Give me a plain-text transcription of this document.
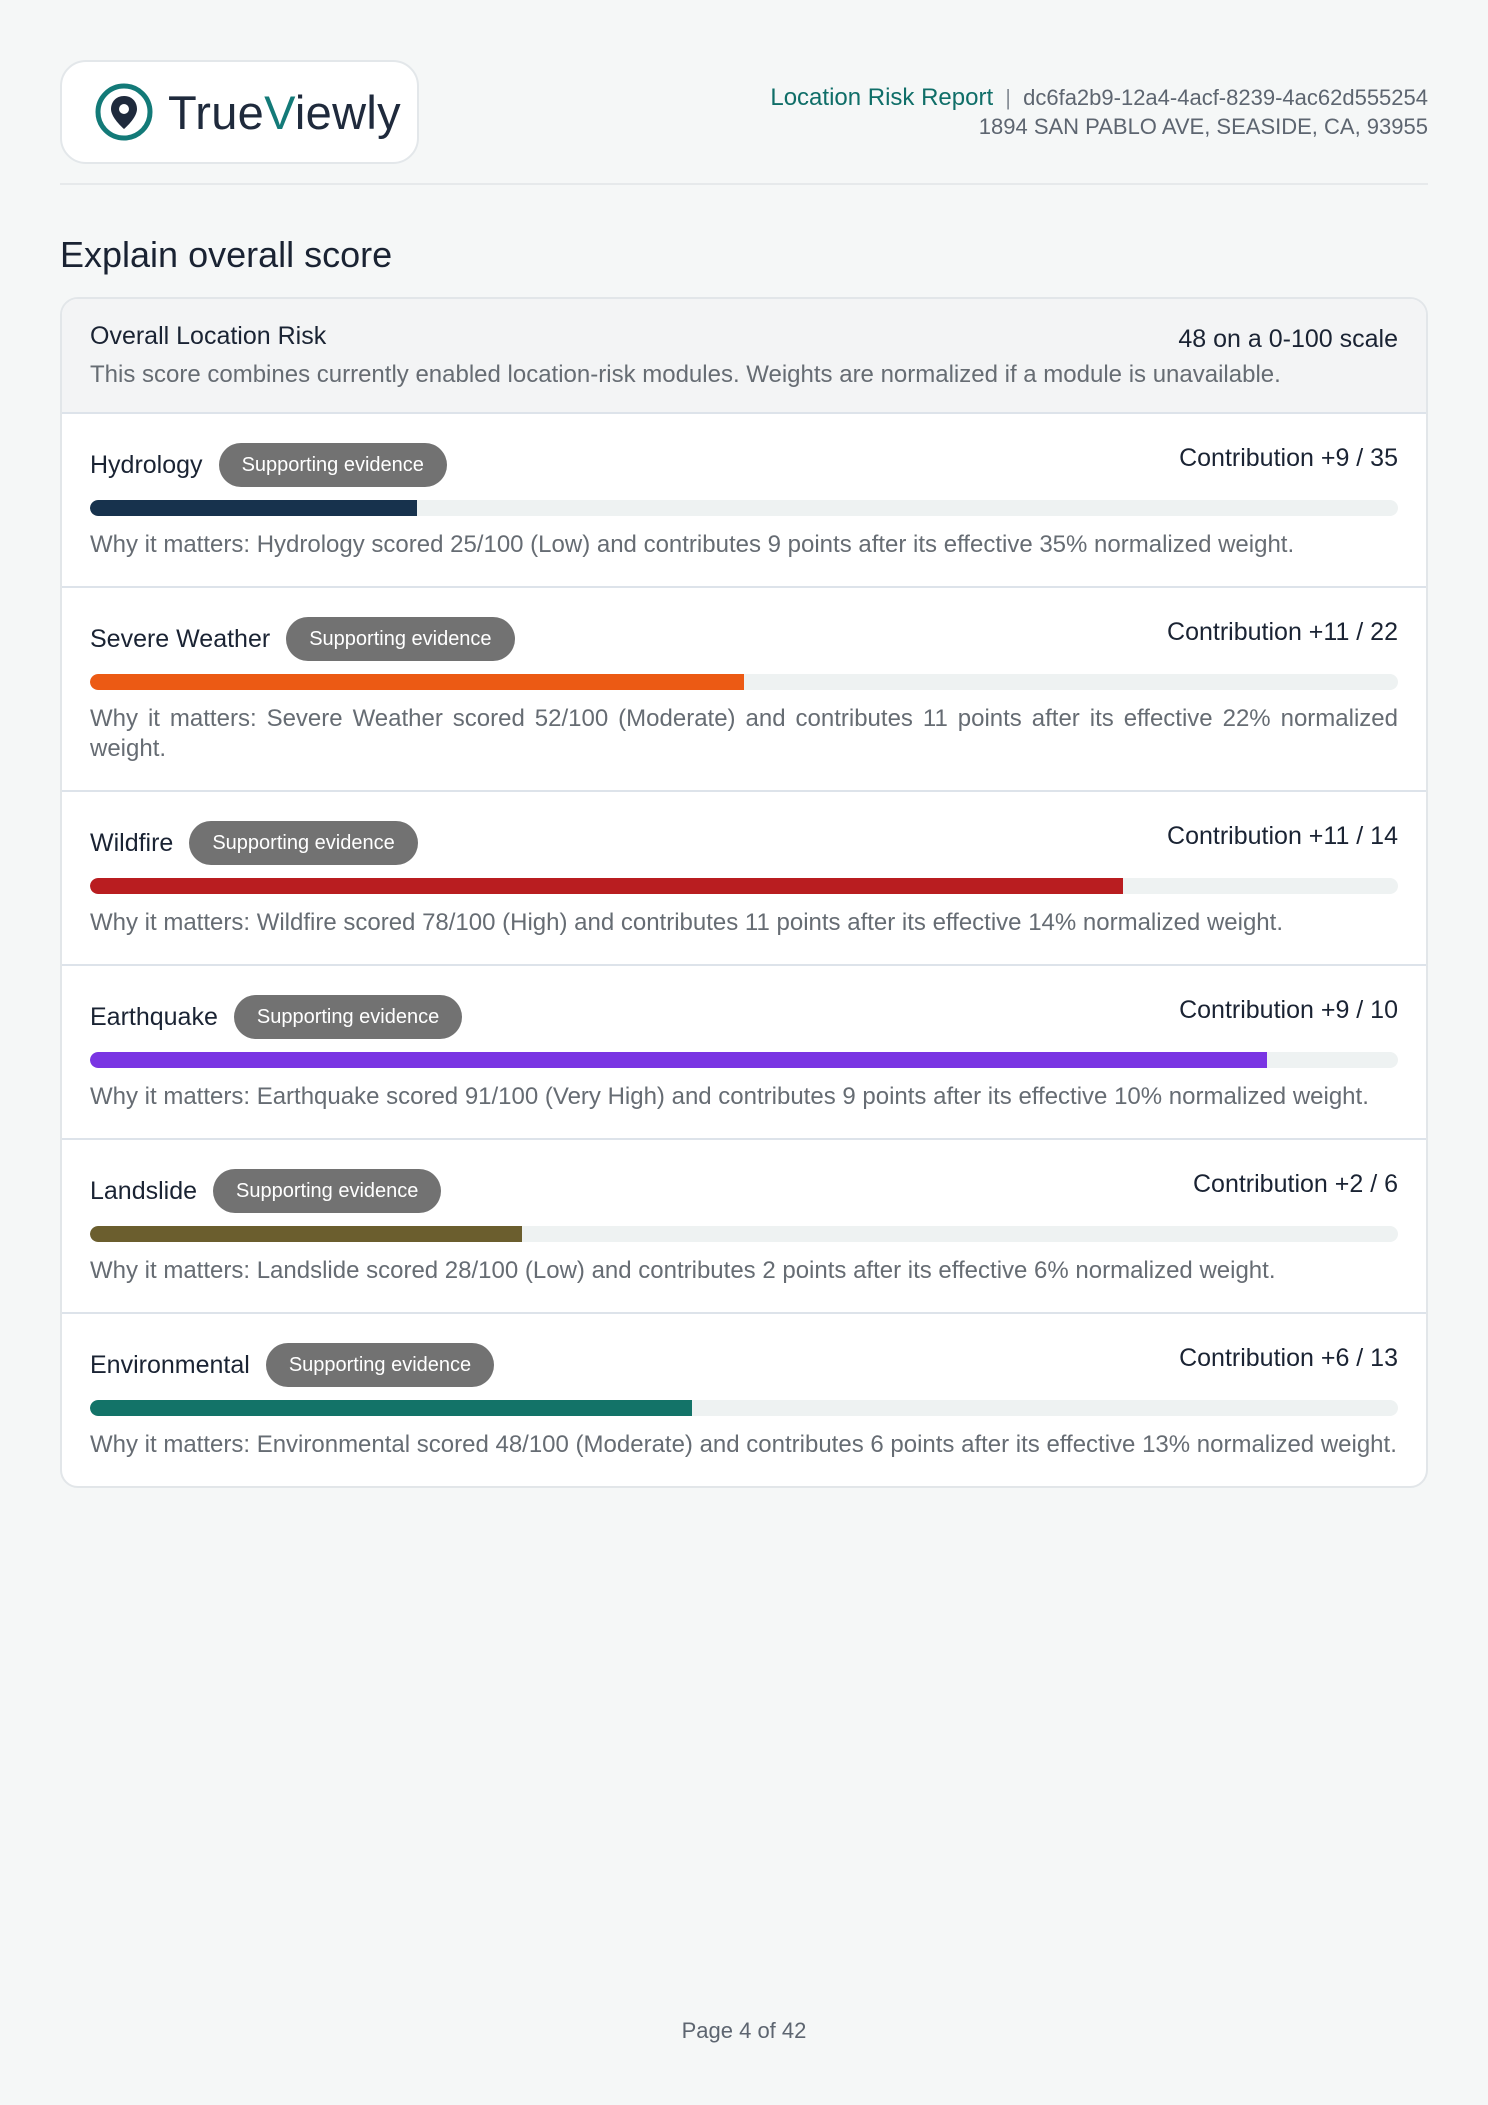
TrueViewly	Location Risk Report | dc6fa2b9-12a4-4acf-8239-4ac62d555254
1894 SAN PABLO AVE, SEASIDE, CA, 93955
Explain overall score
Overall Location Risk	48 on a 0-100 scale
This score combines currently enabled location-risk modules. Weights are normalized if a module is unavailable.
Hydrology	Supporting evidence	Contribution +9 / 35
Why it matters: Hydrology scored 25/100 (Low) and contributes 9 points after its effective 35% normalized weight.
Severe Weather	Supporting evidence	Contribution +11 / 22
Why it matters: Severe Weather scored 52/100 (Moderate) and contributes 11 points after its effective 22% normalized weight.
Wildfire	Supporting evidence	Contribution +11 / 14
Why it matters: Wildfire scored 78/100 (High) and contributes 11 points after its effective 14% normalized weight.
Earthquake	Supporting evidence	Contribution +9 / 10
Why it matters: Earthquake scored 91/100 (Very High) and contributes 9 points after its effective 10% normalized weight.
Landslide	Supporting evidence	Contribution +2 / 6
Why it matters: Landslide scored 28/100 (Low) and contributes 2 points after its effective 6% normalized weight.
Environmental	Supporting evidence	Contribution +6 / 13
Why it matters: Environmental scored 48/100 (Moderate) and contributes 6 points after its effective 13% normalized weight.
Page 4 of 42
